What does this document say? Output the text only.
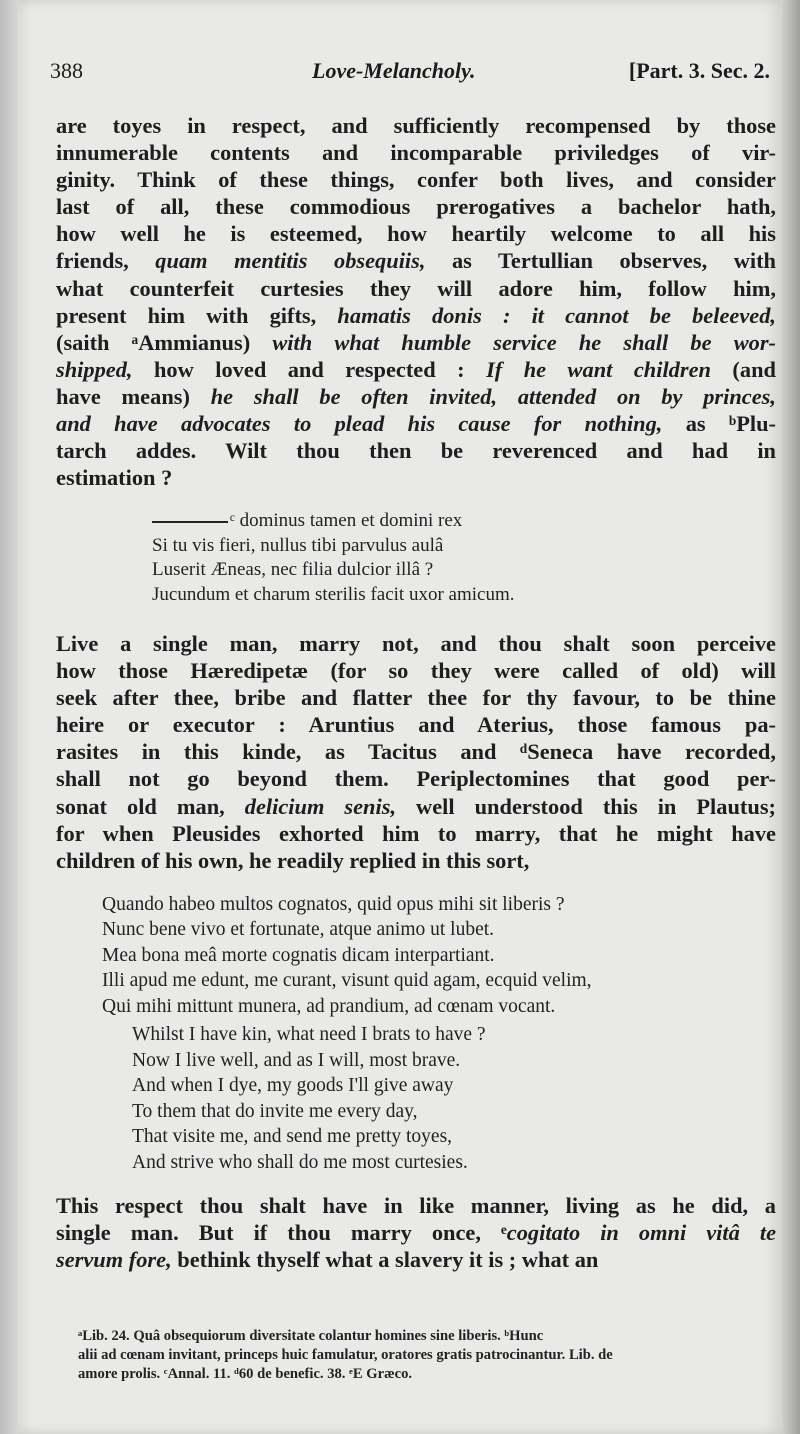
388	Love-Melancholy.	[Part. 3. Sec. 2.
are toyes in respect, and sufficiently recompensed by those
innumerable contents and incomparable priviledges of vir-
ginity. Think of these things, confer both lives, and consider
last of all, these commodious prerogatives a bachelor hath,
how well he is esteemed, how heartily welcome to all his
friends, quam mentitis obsequiis, as Tertullian observes, with
what counterfeit curtesies they will adore him, follow him,
present him with gifts, hamatis donis : it cannot be beleeved,
(saith ᵃAmmianus) with what humble service he shall be wor-
shipped, how loved and respected : If he want children (and
have means) he shall be often invited, attended on by princes,
and have advocates to plead his cause for nothing, as ᵇPlu-
tarch addes. Wilt thou then be reverenced and had in
estimation ?
ᶜ dominus tamen et domini rex
Si tu vis fieri, nullus tibi parvulus aulâ
Luserit Æneas, nec filia dulcior illâ ?
Jucundum et charum sterilis facit uxor amicum.
Live a single man, marry not, and thou shalt soon perceive
how those Hæredipetæ (for so they were called of old) will
seek after thee, bribe and flatter thee for thy favour, to be thine
heire or executor : Aruntius and Aterius, those famous pa-
rasites in this kinde, as Tacitus and ᵈSeneca have recorded,
shall not go beyond them. Periplectomines that good per-
sonat old man, delicium senis, well understood this in Plautus;
for when Pleusides exhorted him to marry, that he might have
children of his own, he readily replied in this sort,
Quando habeo multos cognatos, quid opus mihi sit liberis ?
Nunc bene vivo et fortunate, atque animo ut lubet.
Mea bona meâ morte cognatis dicam interpartiant.
Illi apud me edunt, me curant, visunt quid agam, ecquid velim,
Qui mihi mittunt munera, ad prandium, ad cœnam vocant.
Whilst I have kin, what need I brats to have ?
Now I live well, and as I will, most brave.
And when I dye, my goods I'll give away
To them that do invite me every day,
That visite me, and send me pretty toyes,
And strive who shall do me most curtesies.
This respect thou shalt have in like manner, living as he did, a
single man. But if thou marry once, ᵉcogitato in omni vitâ te
servum fore, bethink thyself what a slavery it is ; what an
ᵃLib. 24. Quâ obsequiorum diversitate colantur homines sine liberis. ᵇHunc
alii ad cœnam invitant, princeps huic famulatur, oratores gratis patrocinantur. Lib. de
amore prolis. ᶜAnnal. 11. ᵈ60 de benefic. 38. ᵉE Græco.
